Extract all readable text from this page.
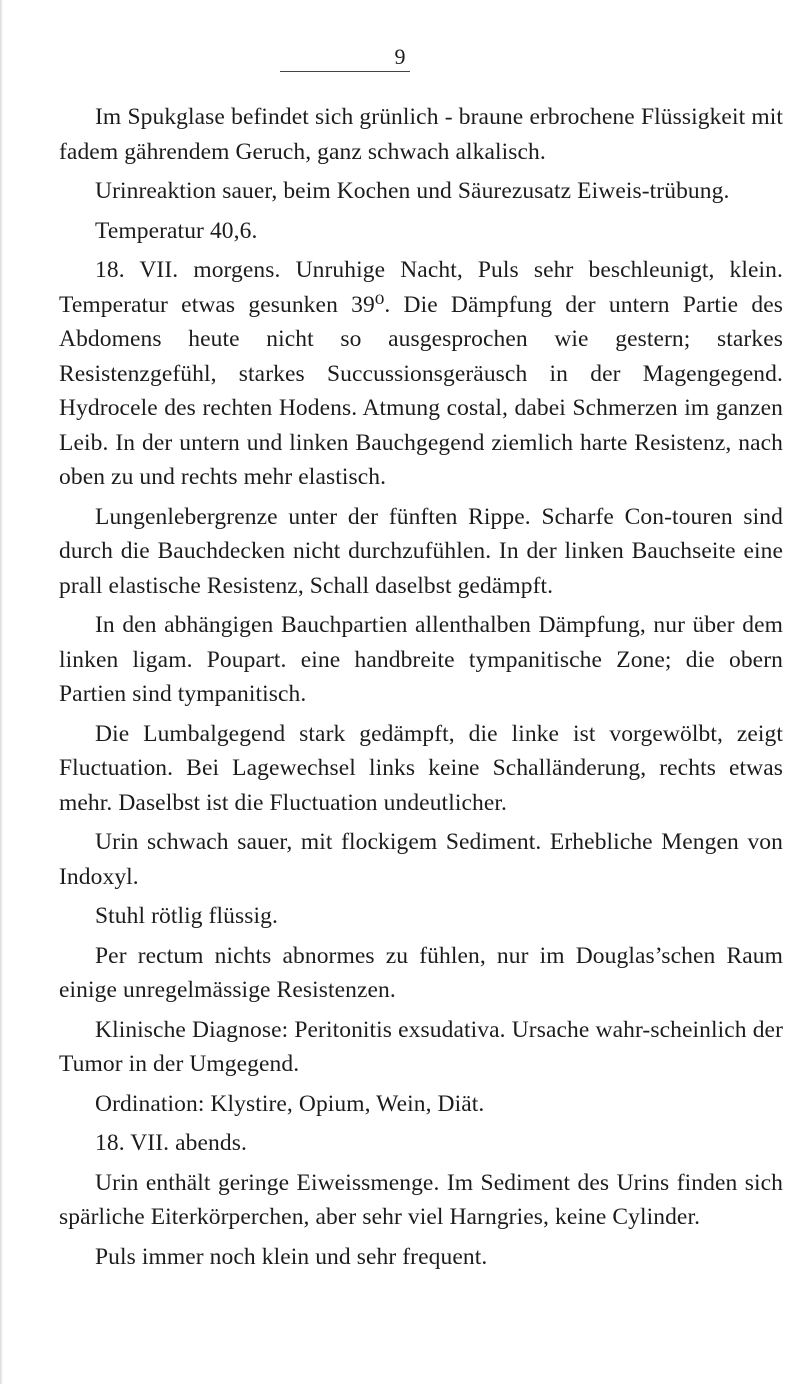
9

Im Spukglase befindet sich grünlich - braune erbrochene Flüssigkeit mit fadem gährendem Geruch, ganz schwach alkalisch.

Urinreaktion sauer, beim Kochen und Säurezusatz Eiweis-trübung.

Temperatur 40,6.

18. VII. morgens. Unruhige Nacht, Puls sehr beschleunigt, klein. Temperatur etwas gesunken 39⁰. Die Dämpfung der untern Partie des Abdomens heute nicht so ausgesprochen wie gestern; starkes Resistenzgefühl, starkes Succussionsgeräusch in der Magengegend. Hydrocele des rechten Hodens. Atmung costal, dabei Schmerzen im ganzen Leib. In der untern und linken Bauchgegend ziemlich harte Resistenz, nach oben zu und rechts mehr elastisch.

Lungenlebergrenze unter der fünften Rippe. Scharfe Con-touren sind durch die Bauchdecken nicht durchzufühlen. In der linken Bauchseite eine prall elastische Resistenz, Schall daselbst gedämpft.

In den abhängigen Bauchpartien allenthalben Dämpfung, nur über dem linken ligam. Poupart. eine handbreite tympanitische Zone; die obern Partien sind tympanitisch.

Die Lumbalgegend stark gedämpft, die linke ist vorgewölbt, zeigt Fluctuation. Bei Lagewechsel links keine Schalländerung, rechts etwas mehr. Daselbst ist die Fluctuation undeutlicher.

Urin schwach sauer, mit flockigem Sediment. Erhebliche Mengen von Indoxyl.

Stuhl rötlig flüssig.

Per rectum nichts abnormes zu fühlen, nur im Douglas’schen Raum einige unregelmässige Resistenzen.

Klinische Diagnose: Peritonitis exsudativa. Ursache wahr-scheinlich der Tumor in der Umgegend.

Ordination: Klystire, Opium, Wein, Diät.

18. VII. abends.

Urin enthält geringe Eiweissmenge. Im Sediment des Urins finden sich spärliche Eiterkörperchen, aber sehr viel Harngries, keine Cylinder.

Puls immer noch klein und sehr frequent.
